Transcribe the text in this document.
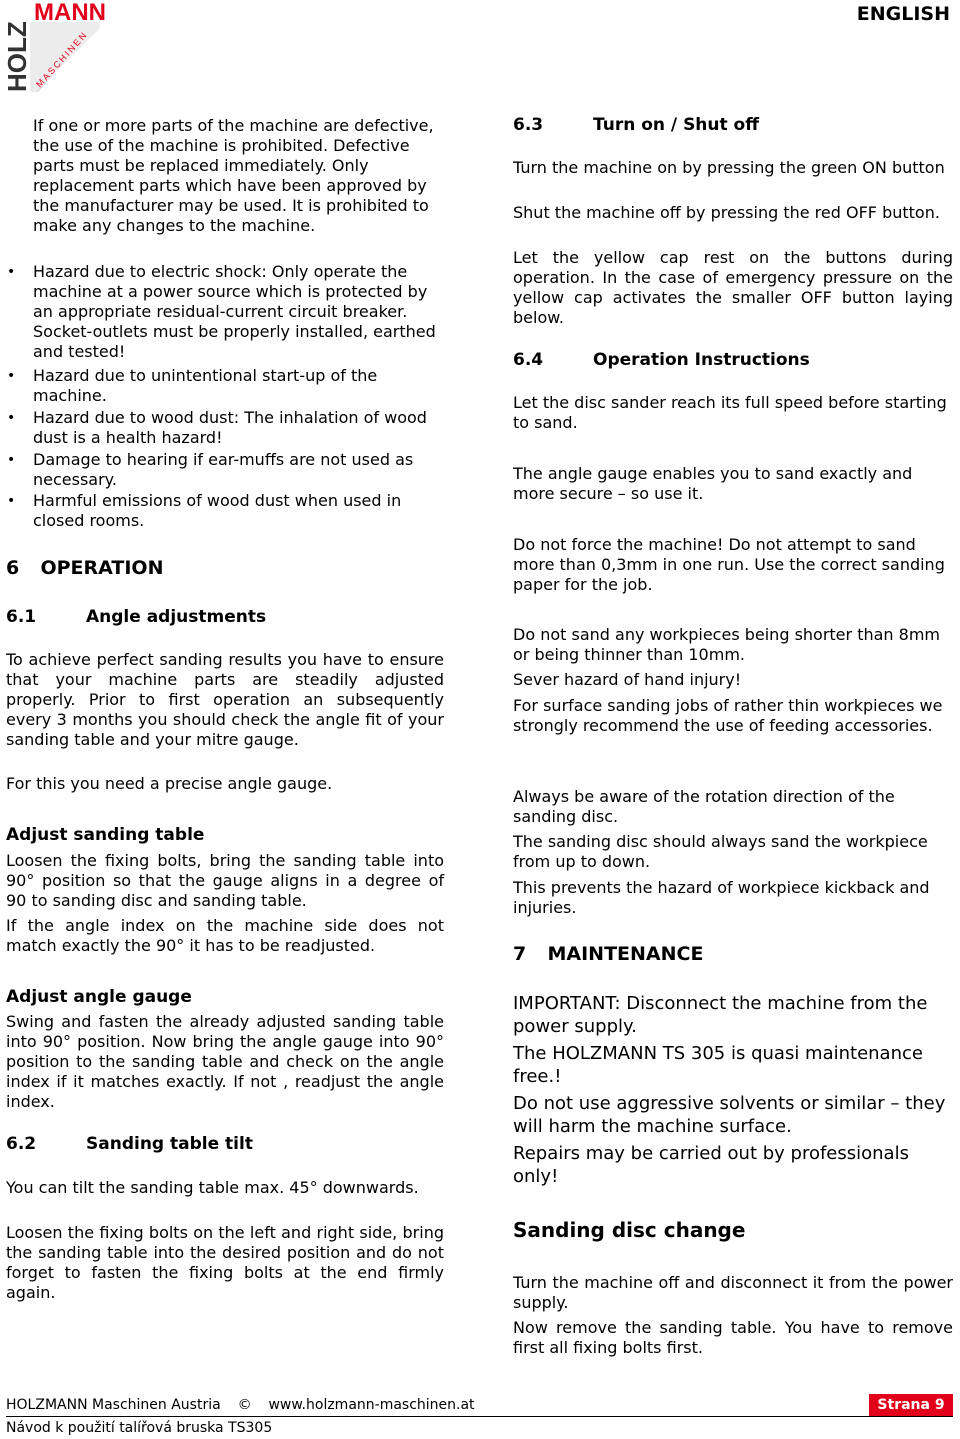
MANN
HOLZ MASCHINEN
ENGLISH

If one or more parts of the machine are defective, the use of the machine is prohibited. Defective parts must be replaced immediately. Only replacement parts which have been approved by the manufacturer may be used. It is prohibited to make any changes to the machine.

• Hazard due to electric shock: Only operate the machine at a power source which is protected by an appropriate residual-current circuit breaker. Socket-outlets must be properly installed, earthed and tested!
• Hazard due to unintentional start-up of the machine.
• Hazard due to wood dust: The inhalation of wood dust is a health hazard!
• Damage to hearing if ear-muffs are not used as necessary.
• Harmful emissions of wood dust when used in closed rooms.
6 OPERATION
6.1	Angle adjustments

To achieve perfect sanding results you have to ensure that your machine parts are steadily adjusted properly. Prior to first operation an subsequently every 3 months you should check the angle fit of your sanding table and your mitre gauge.

For this you need a precise angle gauge.

Adjust sanding table

Loosen the fixing bolts, bring the sanding table into 90° position so that the gauge aligns in a degree of 90 to sanding disc and sanding table.

If the angle index on the machine side does not match exactly the 90° it has to be readjusted.

Adjust angle gauge

Swing and fasten the already adjusted sanding table into 90° position. Now bring the angle gauge into 90° position to the sanding table and check on the angle index if it matches exactly. If not , readjust the angle index.

6.2	Sanding table tilt

You can tilt the sanding table max. 45° downwards.

Loosen the fixing bolts on the left and right side, bring the sanding table into the desired position and do not forget to fasten the fixing bolts at the end firmly again.

6.3	Turn on / Shut off

Turn the machine on by pressing the green ON button

Shut the machine off by pressing the red OFF button.

Let the yellow cap rest on the buttons during operation. In the case of emergency pressure on the yellow cap activates the smaller OFF button laying below.

6.4	Operation Instructions

Let the disc sander reach its full speed before starting to sand.

The angle gauge enables you to sand exactly and more secure – so use it.

Do not force the machine! Do not attempt to sand more than 0,3mm in one run. Use the correct sanding paper for the job.

Do not sand any workpieces being shorter than 8mm or being thinner than 10mm.

Sever hazard of hand injury!

For surface sanding jobs of rather thin workpieces we strongly recommend the use of feeding accessories.

Always be aware of the rotation direction of the sanding disc.

The sanding disc should always sand the workpiece from up to down.

This prevents the hazard of workpiece kickback and injuries.

7 MAINTENANCE

IMPORTANT: Disconnect the machine from the power supply.

The HOLZMANN TS 305 is quasi maintenance free.!

Do not use aggressive solvents or similar – they will harm the machine surface.

Repairs may be carried out by professionals only!

Sanding disc change

Turn the machine off and disconnect it from the power supply.

Now remove the sanding table. You have to remove first all fixing bolts first.

HOLZMANN Maschinen Austria © www.holzmann-maschinen.at	Strana 9
Návod k použití talířová bruska TS305
